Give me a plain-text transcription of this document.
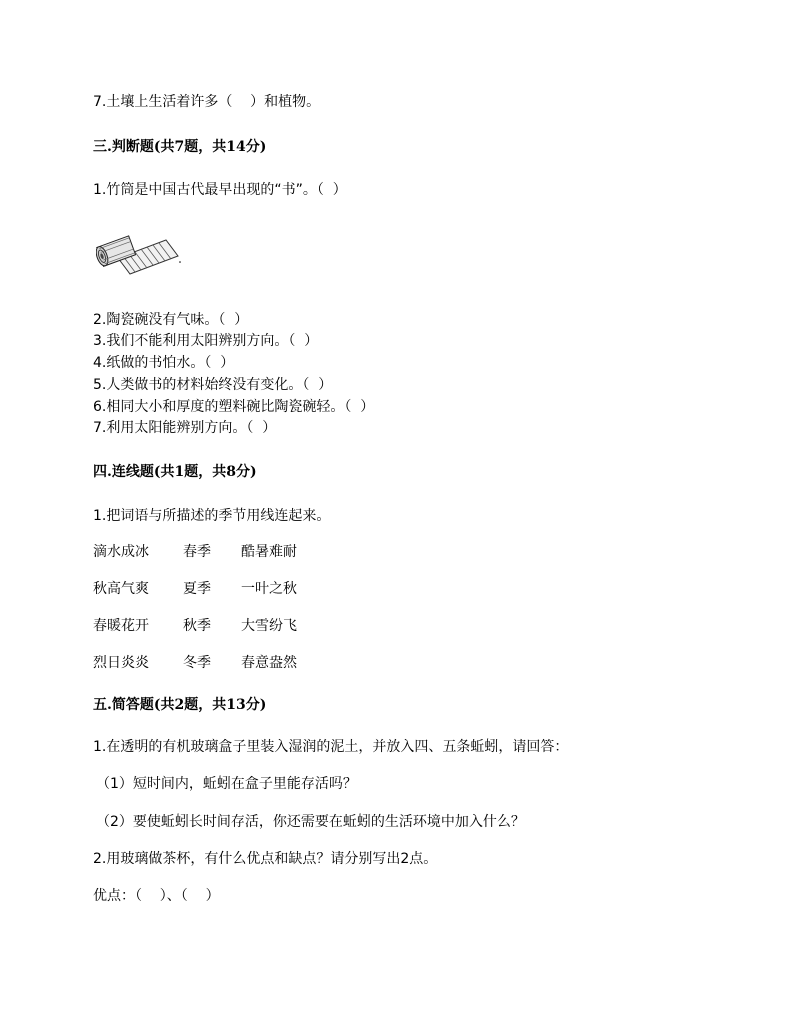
7.土壤上生活着许多（    ）和植物。
三.判断题(共7题，共14分)
1.竹筒是中国古代最早出现的“书”。（  ）
2.陶瓷碗没有气味。（  ）
3.我们不能利用太阳辨别方向。（  ）
4.纸做的书怕水。（  ）
5.人类做书的材料始终没有变化。（  ）
6.相同大小和厚度的塑料碗比陶瓷碗轻。（  ）
7.利用太阳能辨别方向。（  ）
四.连线题(共1题，共8分)
1.把词语与所描述的季节用线连起来。
滴水成冰 春季 酷暑难耐
秋高气爽 夏季 一叶之秋
春暖花开 秋季 大雪纷飞
烈日炎炎 冬季 春意盎然
五.简答题(共2题，共13分)
1.在透明的有机玻璃盒子里装入湿润的泥土，并放入四、五条蚯蚓，请回答：
（1）短时间内，蚯蚓在盒子里能存活吗？
（2）要使蚯蚓长时间存活，你还需要在蚯蚓的生活环境中加入什么？
2.用玻璃做茶杯，有什么优点和缺点？请分别写出2点。
优点：（    ）、（    ）
